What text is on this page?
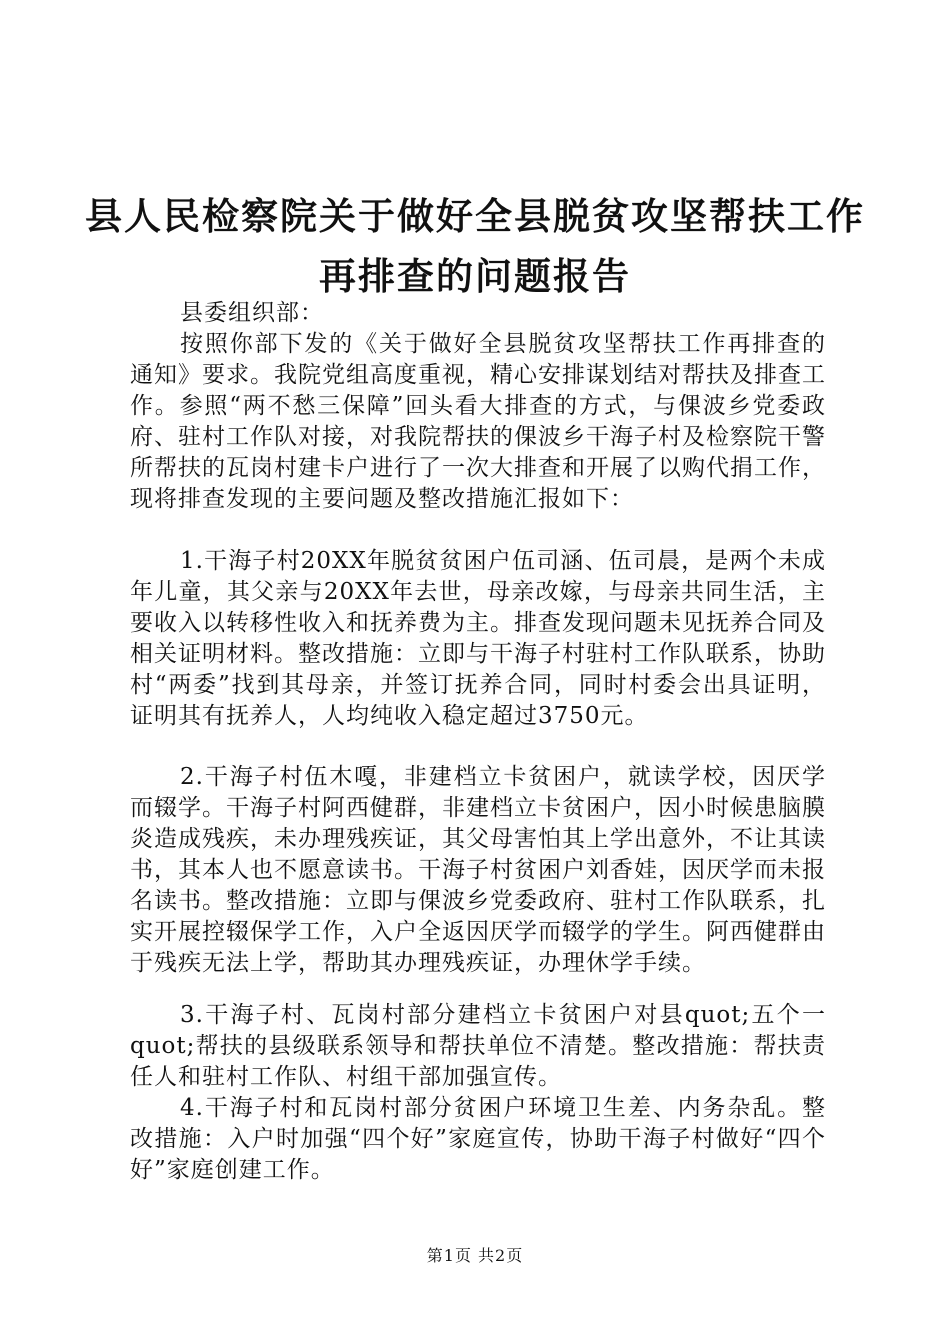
县人民检察院关于做好全县脱贫攻坚帮扶工作
再排查的问题报告

县委组织部：

按照你部下发的《关于做好全县脱贫攻坚帮扶工作再排查的通知》要求。我院党组高度重视，精心安排谋划结对帮扶及排查工作。参照“两不愁三保障”回头看大排查的方式，与倮波乡党委政府、驻村工作队对接，对我院帮扶的倮波乡干海子村及检察院干警所帮扶的瓦岗村建卡户进行了一次大排查和开展了以购代捐工作，现将排查发现的主要问题及整改措施汇报如下：

1.干海子村20XX年脱贫贫困户伍司涵、伍司晨，是两个未成年儿童，其父亲与20XX年去世，母亲改嫁，与母亲共同生活，主要收入以转移性收入和抚养费为主。排查发现问题未见抚养合同及相关证明材料。整改措施：立即与干海子村驻村工作队联系，协助村“两委”找到其母亲，并签订抚养合同，同时村委会出具证明，证明其有抚养人，人均纯收入稳定超过3750元。

2.干海子村伍木嘎，非建档立卡贫困户，就读学校，因厌学而辍学。干海子村阿西健群，非建档立卡贫困户，因小时候患脑膜炎造成残疾，未办理残疾证，其父母害怕其上学出意外，不让其读书，其本人也不愿意读书。干海子村贫困户刘香娃，因厌学而未报名读书。整改措施：立即与倮波乡党委政府、驻村工作队联系，扎实开展控辍保学工作，入户全返因厌学而辍学的学生。阿西健群由于残疾无法上学，帮助其办理残疾证，办理休学手续。

3.干海子村、瓦岗村部分建档立卡贫困户对县quot;五个一quot;帮扶的县级联系领导和帮扶单位不清楚。整改措施：帮扶责任人和驻村工作队、村组干部加强宣传。

4.干海子村和瓦岗村部分贫困户环境卫生差、内务杂乱。整改措施：入户时加强“四个好”家庭宣传，协助干海子村做好“四个好”家庭创建工作。

第1页 共2页
